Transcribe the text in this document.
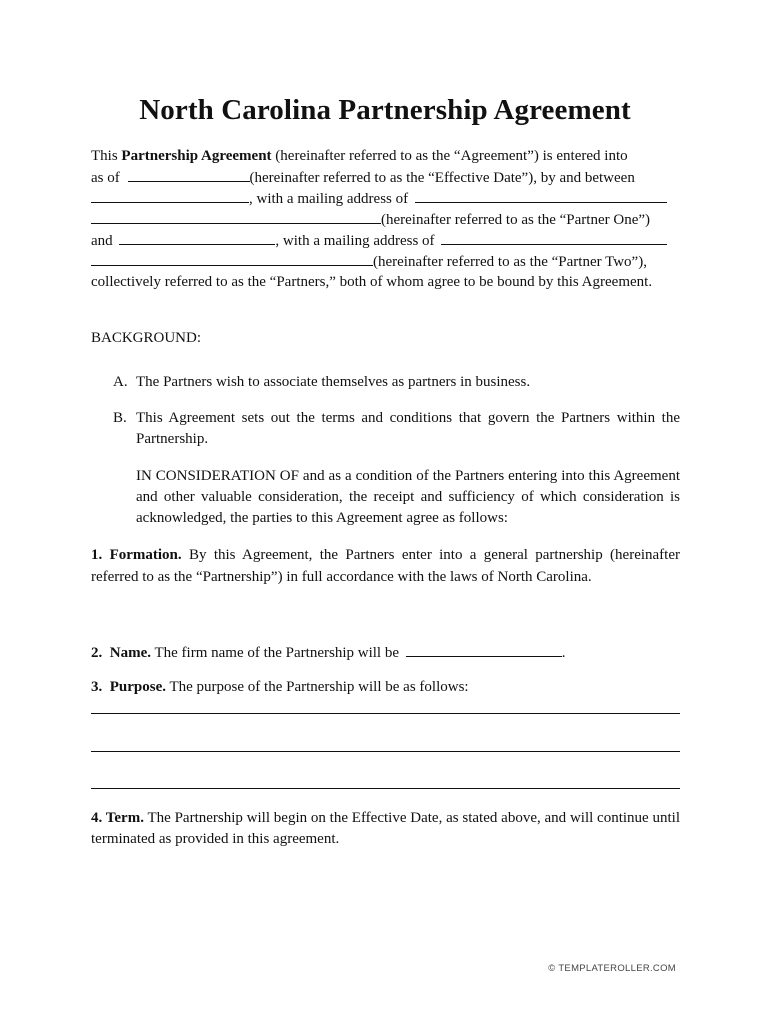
North Carolina Partnership Agreement
This Partnership Agreement (hereinafter referred to as the “Agreement”) is entered into
as of	(hereinafter referred to as the “Effective Date”), by and between
, with a mailing address of
(hereinafter referred to as the “Partner One”)
and	, with a mailing address of
(hereinafter referred to as the “Partner Two”),
collectively referred to as the “Partners,” both of whom agree to be bound by this Agreement.
BACKGROUND:
A. The Partners wish to associate themselves as partners in business.
B. This Agreement sets out the terms and conditions that govern the Partners within the Partnership.
IN CONSIDERATION OF and as a condition of the Partners entering into this Agreement and other valuable consideration, the receipt and sufficiency of which consideration is acknowledged, the parties to this Agreement agree as follows:
1. Formation. By this Agreement, the Partners enter into a general partnership (hereinafter referred to as the “Partnership”) in full accordance with the laws of North Carolina.
2.  Name. The firm name of the Partnership will be	.
3.  Purpose. The purpose of the Partnership will be as follows:
4. Term. The Partnership will begin on the Effective Date, as stated above, and will continue until terminated as provided in this agreement.
© TEMPLATEROLLER.COM
